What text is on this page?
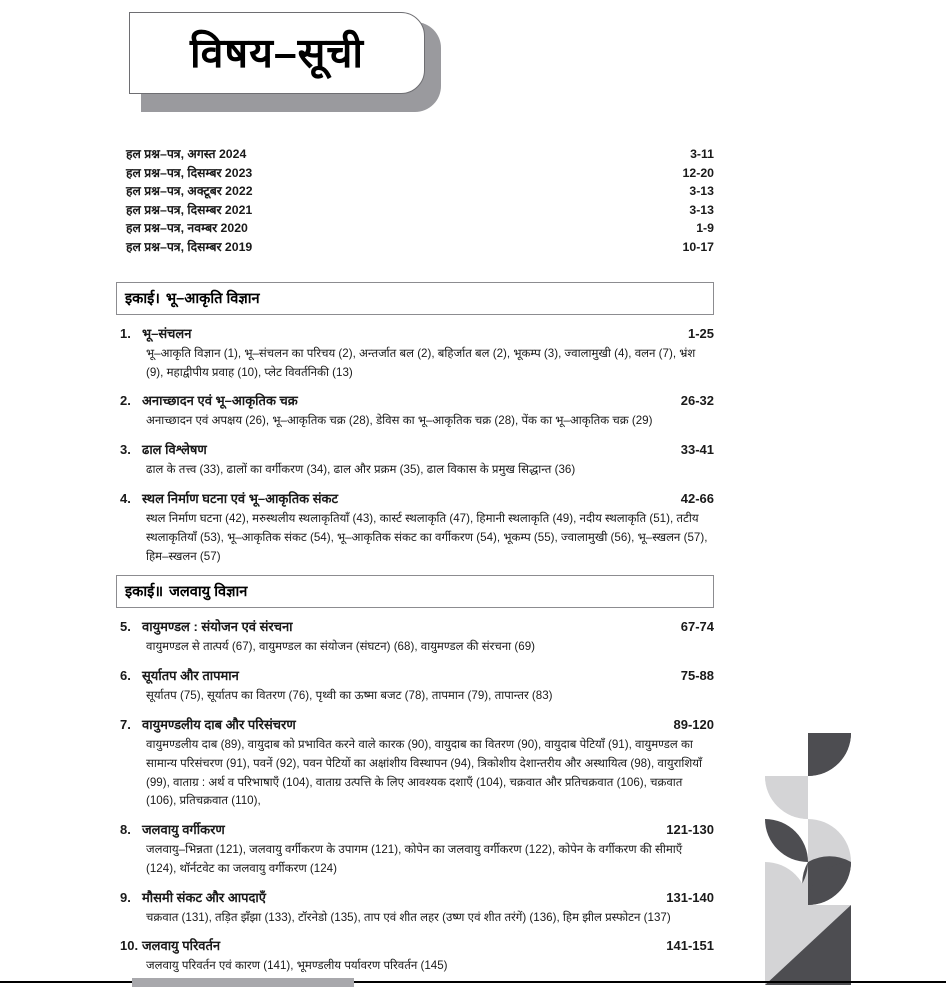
विषय–सूची
हल प्रश्न–पत्र, अगस्त 2024	3-11
हल प्रश्न–पत्र, दिसम्बर 2023	12-20
हल प्रश्न–पत्र, अक्टूबर 2022	3-13
हल प्रश्न–पत्र, दिसम्बर 2021	3-13
हल प्रश्न–पत्र, नवम्बर 2020	1-9
हल प्रश्न–पत्र, दिसम्बर 2019	10-17
इकाई। भू–आकृति विज्ञान
1. भू–संचलन	1-25
भू–आकृति विज्ञान (1), भू–संचलन का परिचय (2), अन्तर्जात बल (2), बहिर्जात बल (2), भूकम्प (3), ज्वालामुखी (4), वलन (7), भ्रंश (9), महाद्वीपीय प्रवाह (10), प्लेट विवर्तनिकी (13)
2. अनाच्छादन एवं भू–आकृतिक चक्र	26-32
अनाच्छादन एवं अपक्षय (26), भू–आकृतिक चक्र (28), डेविस का भू–आकृतिक चक्र (28), पेंक का भू–आकृतिक चक्र (29)
3. ढाल विश्लेषण	33-41
ढाल के तत्त्व (33), ढालों का वर्गीकरण (34), ढाल और प्रक्रम (35), ढाल विकास के प्रमुख सिद्धान्त (36)
4. स्थल निर्माण घटना एवं भू–आकृतिक संकट	42-66
स्थल निर्माण घटना (42), मरुस्थलीय स्थलाकृतियाँ (43), कार्स्ट स्थलाकृति (47), हिमानी स्थलाकृति (49), नदीय स्थलाकृति (51), तटीय स्थलाकृतियाँ (53), भू–आकृतिक संकट (54), भू–आकृतिक संकट का वर्गीकरण (54), भूकम्प (55), ज्वालामुखी (56), भू–स्खलन (57), हिम–स्खलन (57)
इकाई॥ जलवायु विज्ञान
5. वायुमण्डल : संयोजन एवं संरचना	67-74
वायुमण्डल से तात्पर्य (67), वायुमण्डल का संयोजन (संघटन) (68), वायुमण्डल की संरचना (69)
6. सूर्यातप और तापमान	75-88
सूर्यातप (75), सूर्यातप का वितरण (76), पृथ्वी का ऊष्मा बजट (78), तापमान (79), तापान्तर (83)
7. वायुमण्डलीय दाब और परिसंचरण	89-120
वायुमण्डलीय दाब (89), वायुदाब को प्रभावित करने वाले कारक (90), वायुदाब का वितरण (90), वायुदाब पेटियाँ (91), वायुमण्डल का सामान्य परिसंचरण (91), पवनें (92), पवन पेटियों का अक्षांशीय विस्थापन (94), त्रिकोशीय देशान्तरीय और अस्थायित्व (98), वायुराशियाँ (99), वाताग्र : अर्थ व परिभाषाएँ (104), वाताग्र उत्पत्ति के लिए आवश्यक दशाएँ (104), चक्रवात और प्रतिचक्रवात (106), चक्रवात (106), प्रतिचक्रवात (110),
8. जलवायु वर्गीकरण	121-130
जलवायु–भिन्नता (121), जलवायु वर्गीकरण के उपागम (121), कोपेन का जलवायु वर्गीकरण (122), कोपेन के वर्गीकरण की सीमाएँ (124), थॉर्नटवेट का जलवायु वर्गीकरण (124)
9. मौसमी संकट और आपदाएँ	131-140
चक्रवात (131), तड़ित झँझा (133), टॉरनेडो (135), ताप एवं शीत लहर (उष्ण एवं शीत तरंगें) (136), हिम झील प्रस्फोटन (137)
10. जलवायु परिवर्तन	141-151
जलवायु परिवर्तन एवं कारण (141), भूमण्डलीय पर्यावरण परिवर्तन (145)
